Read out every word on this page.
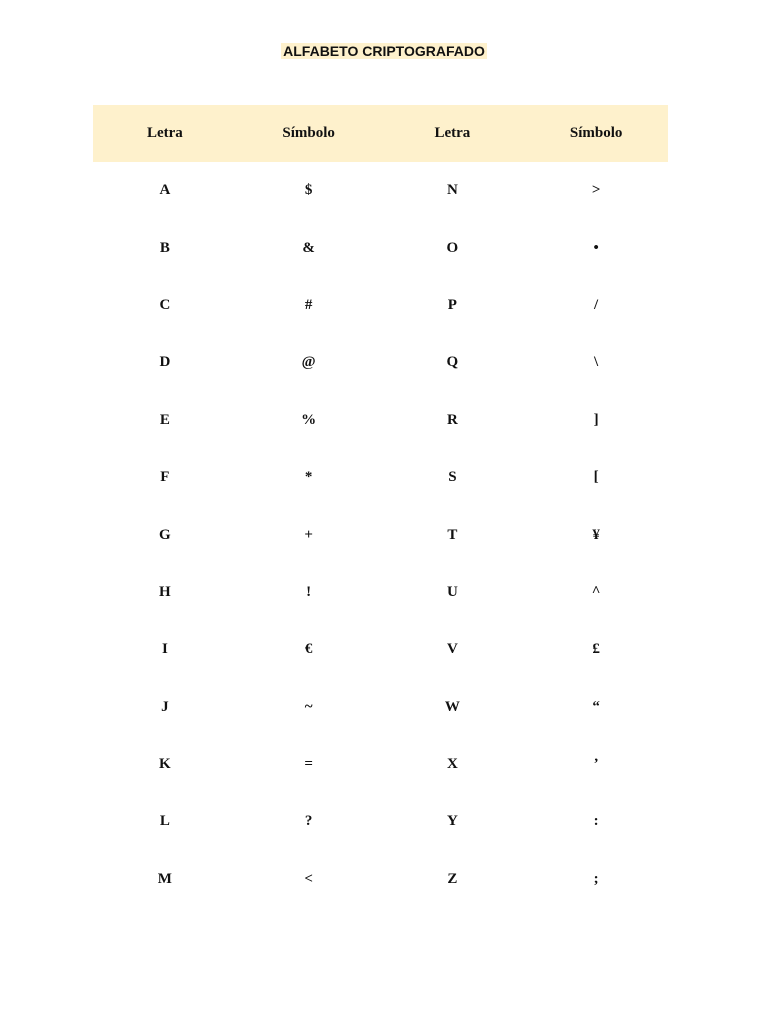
ALFABETO CRIPTOGRAFADO
Letra	Símbolo	Letra	Símbolo
A	$	N	>
B	&	O	•
C	#	P	/
D	@	Q	\
E	%	R	]
F	*	S	[
G	+	T	¥
H	!	U	^
I	€	V	£
J	~	W	“
K	=	X	’
L	?	Y	:
M	<	Z	;
